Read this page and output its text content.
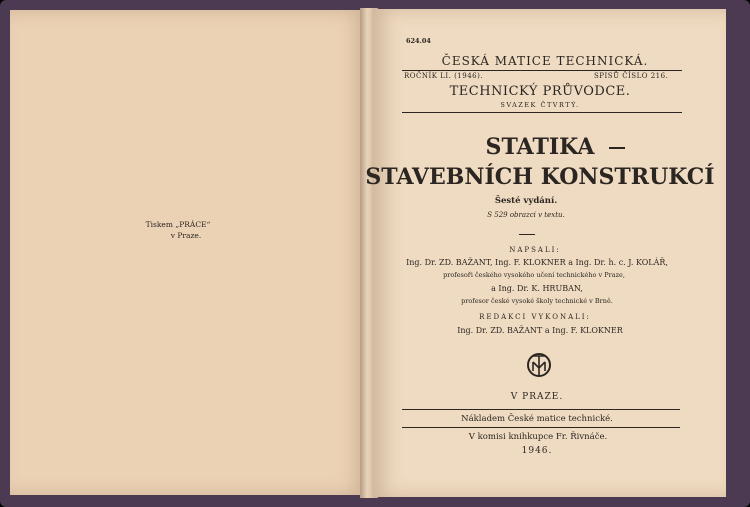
Tiskem „PRÁCE“
v Praze.
624.04
ČESKÁ MATICE TECHNICKÁ.
ROČNÍK LI. (1946).	SPISŮ ČÍSLO 216.
TECHNICKÝ PRŮVODCE.
SVAZEK ČTVRTÝ.
STATIKA
STAVEBNÍCH KONSTRUKCÍ
Šesté vydání.
S 529 obrazci v textu.
NAPSALI:
Ing. Dr. ZD. BAŽANT, Ing. F. KLOKNER a Ing. Dr. h. c. J. KOLÁŘ,
profesoři českého vysokého učení technického v Praze,
a Ing. Dr. K. HRUBAN,
profesor české vysoké školy technické v Brně.
REDAKCI VYKONALI:
Ing. Dr. ZD. BAŽANT a Ing. F. KLOKNER
V PRAZE.
Nákladem České matice technické.
V komisi knihkupce Fr. Řivnáče.
1946.
